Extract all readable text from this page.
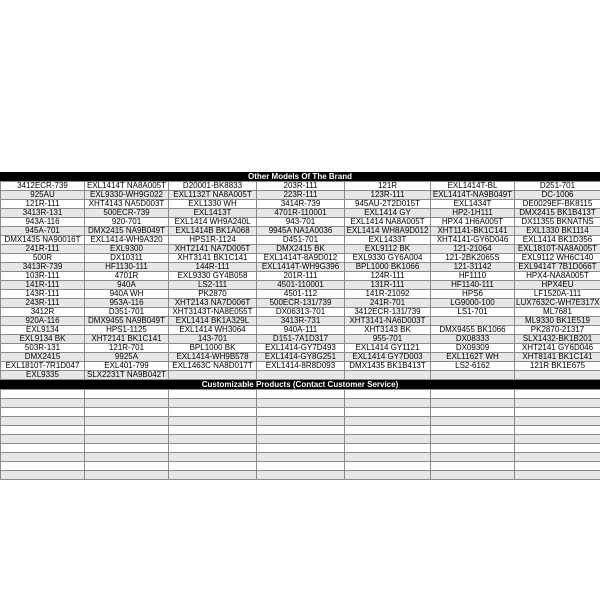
Other Models Of The Brand
3412ECR-739	EXL1414T NA8A005T	D20001-BK8833	203R-111	121R	EXL1414T-BL	D251-701
925AU	EXL9330-WH9G022	EXL1132T NA8A005T	223R-111	123R-111	EXL1414T-NA9B049T	DC-1006
121R-111	XHT4143 NA5D003T	EXL1330 WH	3414R-739	945AU-2T2D015T	EXL1434T	DE0029EF-BK8115
3413R-131	500ECR-739	EXL1413T	4701R-110001	EXL1414 GY	HP2-1H111	DMX2415 BK1B413T
943A-116	920-701	EXL1414 WH9A240L	943-701	EXL1414 NA8A005T	HPX4 1H6A005T	DX11355 BKNATNS
945A-701	DMX2415 NA9B049T	EXL1414B BK1A068	9945A NA1A0036	EXL1414 WH8A9D012	XHT1141-BK1C141	EXL1330 BK1114
DMX1435 NA90016T	EXL1414-WH9A320	HPS1R-1124	D451-701	EXL1433T	XHT4141-GY6D046	EXL1414 BK1D356
241R-111	EXL9300	XHT2141 NA7D005T	DMX2415 BK	EXL9112 BK	121-21064	EXL1810T-NA8A005T
500R	DX10311	XHT3141 BK1C141	EXL1414T-8A9D012	EXL9330 GY6A004	121-2BK2065S	EXL9112 WH6C140
3413R-739	HF1130-111	144R-111	EXL1414T-WH9G396	BPL1000 BK1066	121-31142	EXL9414T 7B1D066T
103R-111	4701R	EXL9330 GY4B058	201R-111	124R-111	HF1110	HPX4-NA8A005T
141R-111	940A	LS2-111	4501-110001	131R-111	HF1140-111	HPX4EU
143R-111	940A WH	PK2870	4501-112	141R-21092	HPS6	LF1520A-111
243R-111	953A-116	XHT2143 NA7D006T	500ECR-131/739	241R-701	LG9000-100	LUX7632C-WH7E317X
3412R	D351-701	XHT3143T-NA8E055T	DX06313-701	3412ECR-131/739	LS1-701	ML7681
920A-116	DMX9455 NA9B049T	EXL1414 BK1A329L	3413R-731	XHT3141-NA6D003T		ML9330 BK1E519
EXL9134	HPS1-1125	EXL1414 WH3064	940A-111	XHT3143 BK	DMX9455 BK1066	PK2870-21317
EXL9134 BK	XHT2141 BK1C141	143-701	D151-7A1D317	955-701	DX08333	SLX1432-BK1B201
503R-131	121R-701	BPL1000 BK	EXL1414-GY7D493	EXL1414 GY1121	DX09309	XHT2141 GY6D046
DMX2415	9925A	EXL1414-WH9B578	EXL1414-GY8G251	EXL1414 GY7D003	EXL1162T WH	XHT8141 BK1C141
EXL1810T-7R1D047	EXL401-799	EXL1463C NA8D017T	EXL1414-8R8D093	DMX1435 BK1B413T	LS2-6162	121R BK1E675
EXL9335	SLX2231T NA9B042T					
Customizable Products (Contact Customer Service)
